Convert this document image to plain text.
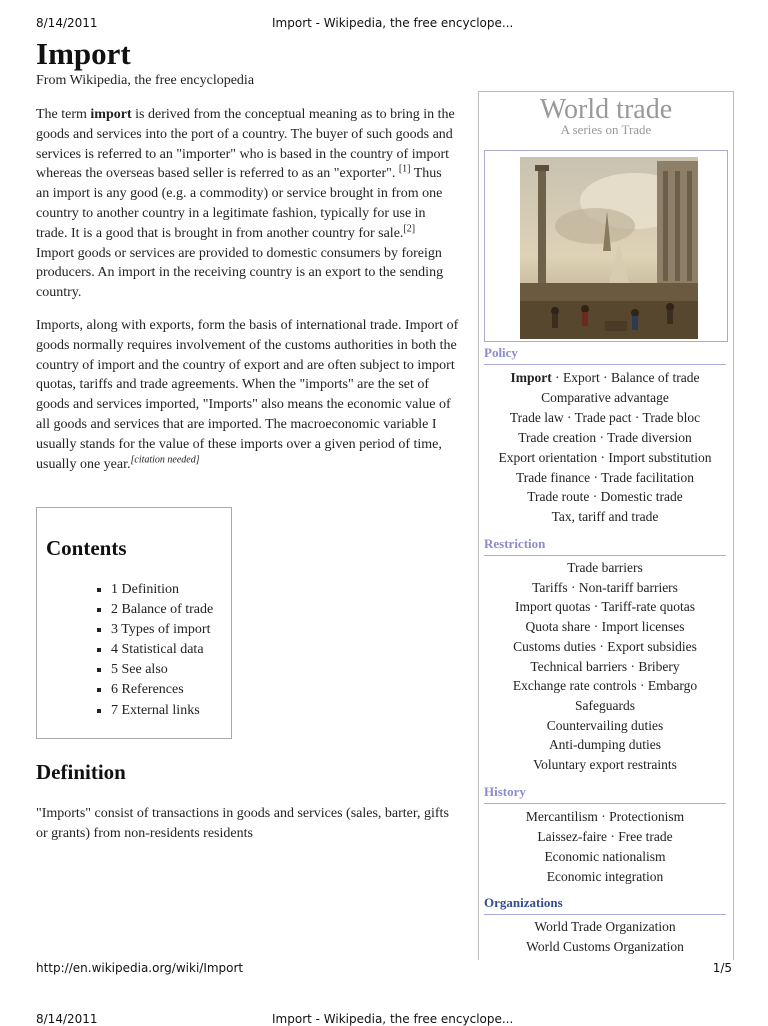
8/14/2011	Import - Wikipedia, the free encyclope...
Import
From Wikipedia, the free encyclopedia

The term import is derived from the conceptual meaning as to bring in the goods and services into the port of a country. The buyer of such goods and services is referred to an "importer" who is based in the country of import whereas the overseas based seller is referred to as an "exporter". [1] Thus an import is any good (e.g. a commodity) or service brought in from one country to another country in a legitimate fashion, typically for use in trade. It is a good that is brought in from another country for sale.[2] Import goods or services are provided to domestic consumers by foreign producers. An import in the receiving country is an export to the sending country.

Imports, along with exports, form the basis of international trade. Import of goods normally requires involvement of the customs authorities in both the country of import and the country of export and are often subject to import quotas, tariffs and trade agreements. When the "imports" are the set of goods and services imported, "Imports" also means the economic value of all goods and services that are imported. The macroeconomic variable I usually stands for the value of these imports over a given period of time, usually one year.[citation needed]

Contents
▪ 1 Definition
▪ 2 Balance of trade
▪ 3 Types of import
▪ 4 Statistical data
▪ 5 See also
▪ 6 References
▪ 7 External links
Definition

"Imports" consist of transactions in goods and services (sales, barter, gifts or grants) from non-residents residents

World trade
A series on Trade
Policy
Import · Export · Balance of trade
Comparative advantage
Trade law · Trade pact · Trade bloc
Trade creation · Trade diversion
Export orientation · Import substitution
Trade finance · Trade facilitation
Trade route · Domestic trade
Tax, tariff and trade
Restriction
Trade barriers
Tariffs · Non-tariff barriers
Import quotas · Tariff-rate quotas
Quota share · Import licenses
Customs duties · Export subsidies
Technical barriers · Bribery
Exchange rate controls · Embargo
Safeguards
Countervailing duties
Anti-dumping duties
Voluntary export restraints
History
Mercantilism · Protectionism
Laissez-faire · Free trade
Economic nationalism
Economic integration
Organizations
World Trade Organization
World Customs Organization
http://en.wikipedia.org/wiki/Import	1/5
8/14/2011	Import - Wikipedia, the free encyclope...
